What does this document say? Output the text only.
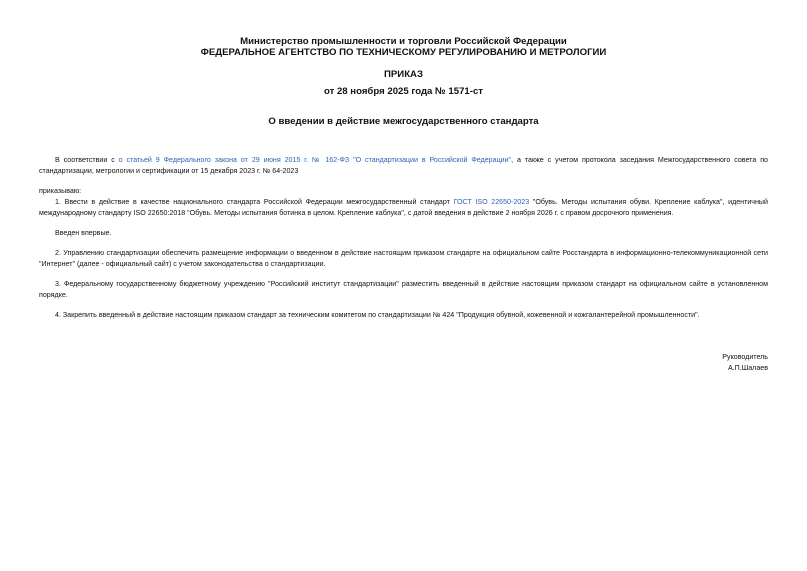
Министерство промышленности и торговли Российской Федерации
ФЕДЕРАЛЬНОЕ АГЕНТСТВО ПО ТЕХНИЧЕСКОМУ РЕГУЛИРОВАНИЮ И МЕТРОЛОГИИ
ПРИКАЗ
от 28 ноября 2025 года № 1571-ст
О введении в действие межгосударственного стандарта
В соответствии с о статьей 9 Федерального закона от 29 июня 2015 г. № 162-ФЗ "О стандартизации в Российской Федерации", а также с учетом протокола заседания Межгосударственного совета по стандартизации, метрологии и сертификации от 15 декабря 2023 г. № 64-2023
приказываю:
1. Ввести в действие в качестве национального стандарта Российской Федерации межгосударственный стандарт ГОСТ ISO 22650-2023 "Обувь. Методы испытания обуви. Крепление каблука", идентичный международному стандарту ISO 22650:2018 "Обувь. Методы испытания ботинка в целом. Крепление каблука", с датой введения в действие 2 ноября 2026 г. с правом досрочного применения.
Введен впервые.
2. Управлению стандартизации обеспечить размещение информации о введенном в действие настоящим приказом стандарте на официальном сайте Росстандарта в информационно-телекоммуникационной сети "Интернет" (далее - официальный сайт) с учетом законодательства о стандартизации.
3. Федеральному государственному бюджетному учреждению "Российский институт стандартизации" разместить введенный в действие настоящим приказом стандарт на официальном сайте в установленном порядке.
4. Закрепить введенный в действие настоящим приказом стандарт за техническим комитетом по стандартизации № 424 "Продукция обувной, кожевенной и кожгалантерейной промышленности".
Руководитель
А.П.Шалаев
